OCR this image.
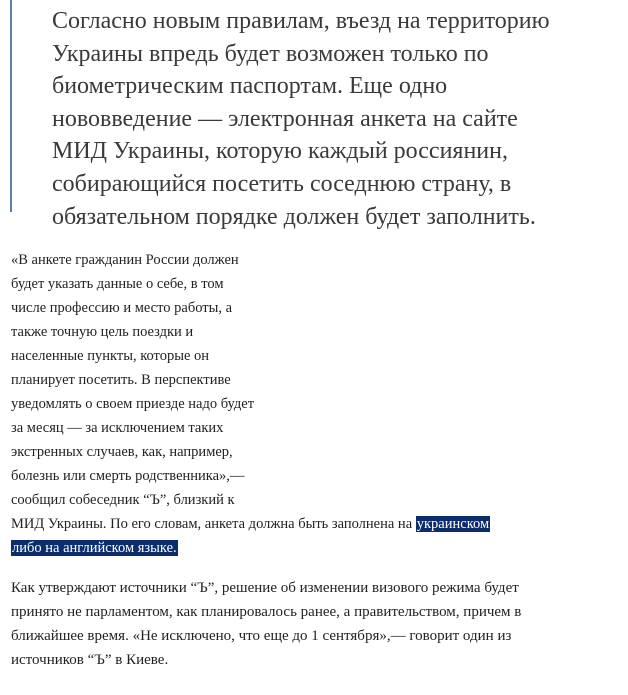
Согласно новым правилам, въезд на территорию
Украины впредь будет возможен только по
биометрическим паспортам. Еще одно
нововведение — электронная анкета на сайте
МИД Украины, которую каждый россиянин,
собирающийся посетить соседнюю страну, в
обязательном порядке должен будет заполнить.

«В анкете гражданин России должен
будет указать данные о себе, в том
числе профессию и место работы, а
также точную цель поездки и
населенные пункты, которые он
планирует посетить. В перспективе
уведомлять о своем приезде надо будет
за месяц — за исключением таких
экстренных случаев, как, например,
болезнь или смерть родственника»,—
сообщил собеседник “Ъ”, близкий к
МИД Украины. По его словам, анкета должна быть заполнена на украинском
либо на английском языке.

Как утверждают источники “Ъ”, решение об изменении визового режима будет
принято не парламентом, как планировалось ранее, а правительством, причем в
ближайшее время. «Не исключено, что еще до 1 сентября»,— говорит один из
источников “Ъ” в Киеве.
